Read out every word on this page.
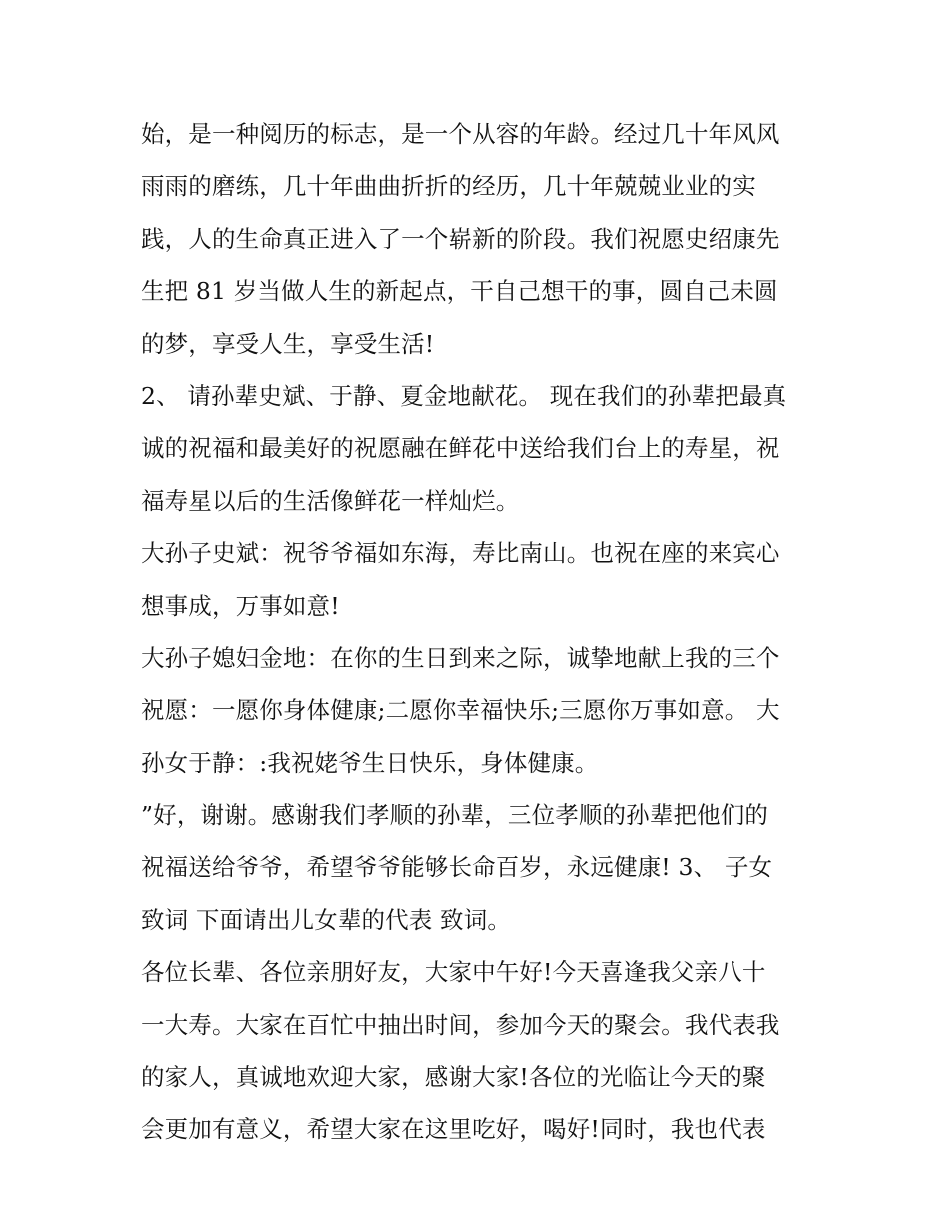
始，是一种阅历的标志，是一个从容的年龄。经过几十年风风
雨雨的磨练，几十年曲曲折折的经历，几十年兢兢业业的实
践，人的生命真正进入了一个崭新的阶段。我们祝愿史绍康先
生把 81 岁当做人生的新起点，干自己想干的事，圆自己未圆
的梦，享受人生，享受生活!
2、 请孙辈史斌、于静、夏金地献花。 现在我们的孙辈把最真
诚的祝福和最美好的祝愿融在鲜花中送给我们台上的寿星，祝
福寿星以后的生活像鲜花一样灿烂。
大孙子史斌：祝爷爷福如东海，寿比南山。也祝在座的来宾心
想事成，万事如意!
大孙子媳妇金地：在你的生日到来之际，诚挚地献上我的三个
祝愿：一愿你身体健康;二愿你幸福快乐;三愿你万事如意。 大
孙女于静：:我祝姥爷生日快乐，身体健康。
”好，谢谢。感谢我们孝顺的孙辈，三位孝顺的孙辈把他们的
祝福送给爷爷，希望爷爷能够长命百岁，永远健康! 3、 子女
致词 下面请出儿女辈的代表 致词。
各位长辈、各位亲朋好友，大家中午好!今天喜逢我父亲八十
一大寿。大家在百忙中抽出时间，参加今天的聚会。我代表我
的家人，真诚地欢迎大家，感谢大家!各位的光临让今天的聚
会更加有意义，希望大家在这里吃好，喝好!同时，我也代表
